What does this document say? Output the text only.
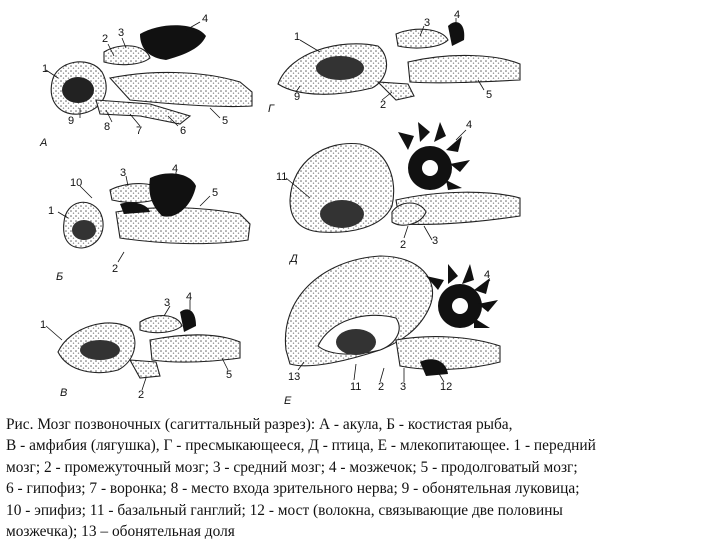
1
2 3
4
5
6
7
8
9
А
1
2
3
4
5
9
Г
10
1
2
3	4
5
Б
11
4
2 3
Д
1
3 4
5
2
В
4
13
11 2 3	12
Е
Рис. Мозг позвоночных (сагиттальный разрез): А - акула, Б - костистая рыба,
В - амфибия (лягушка), Г - пресмыкающееся, Д - птица, Е - млекопитающее. 1 - передний
мозг; 2 - промежуточный мозг; 3 - средний мозг; 4 - мозжечок; 5 - продолговатый мозг;
6 - гипофиз; 7 - воронка; 8 - место входа зрительного нерва; 9 - обонятельная луковица;
10 - эпифиз; 11 - базальный ганглий; 12 - мост (волокна, связывающие две половины
мозжечка); 13 – обонятельная доля
